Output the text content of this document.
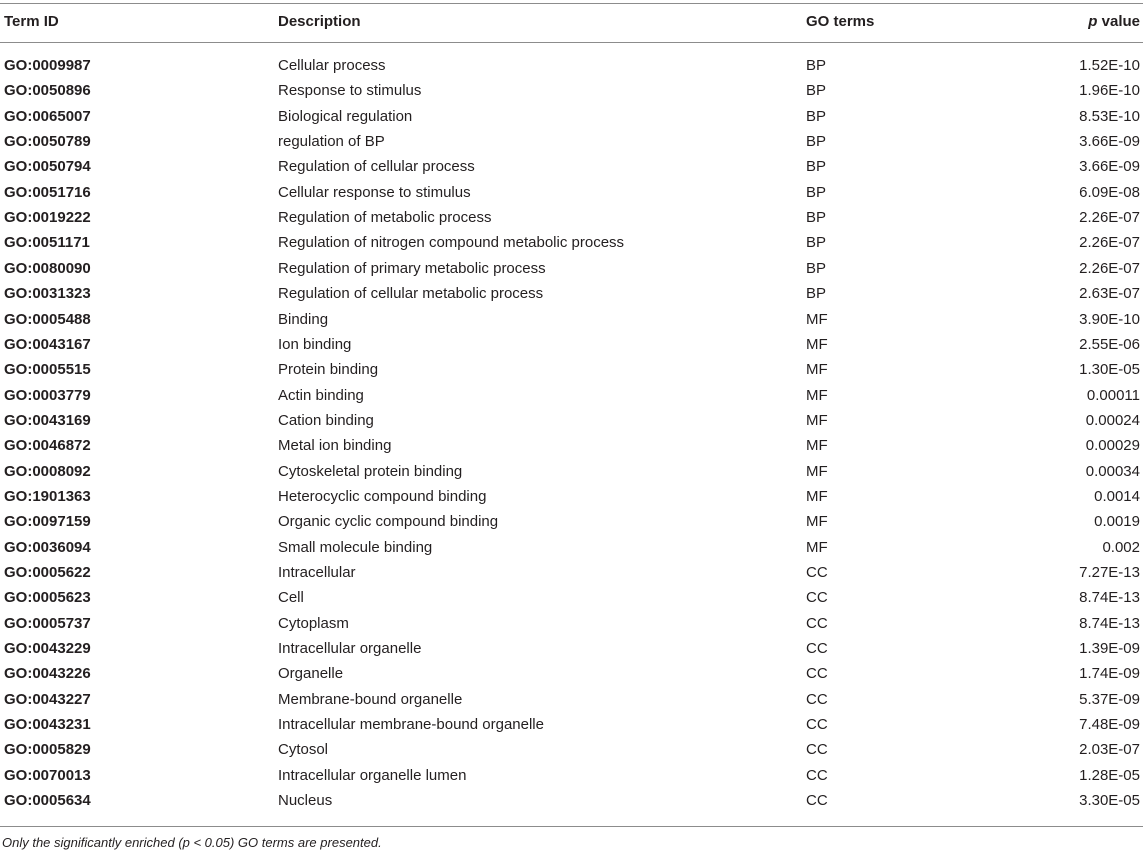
Term ID	Description	GO terms	p value
GO:0009987	Cellular process	BP	1.52E-10
GO:0050896	Response to stimulus	BP	1.96E-10
GO:0065007	Biological regulation	BP	8.53E-10
GO:0050789	regulation of BP	BP	3.66E-09
GO:0050794	Regulation of cellular process	BP	3.66E-09
GO:0051716	Cellular response to stimulus	BP	6.09E-08
GO:0019222	Regulation of metabolic process	BP	2.26E-07
GO:0051171	Regulation of nitrogen compound metabolic process	BP	2.26E-07
GO:0080090	Regulation of primary metabolic process	BP	2.26E-07
GO:0031323	Regulation of cellular metabolic process	BP	2.63E-07
GO:0005488	Binding	MF	3.90E-10
GO:0043167	Ion binding	MF	2.55E-06
GO:0005515	Protein binding	MF	1.30E-05
GO:0003779	Actin binding	MF	0.00011
GO:0043169	Cation binding	MF	0.00024
GO:0046872	Metal ion binding	MF	0.00029
GO:0008092	Cytoskeletal protein binding	MF	0.00034
GO:1901363	Heterocyclic compound binding	MF	0.0014
GO:0097159	Organic cyclic compound binding	MF	0.0019
GO:0036094	Small molecule binding	MF	0.002
GO:0005622	Intracellular	CC	7.27E-13
GO:0005623	Cell	CC	8.74E-13
GO:0005737	Cytoplasm	CC	8.74E-13
GO:0043229	Intracellular organelle	CC	1.39E-09
GO:0043226	Organelle	CC	1.74E-09
GO:0043227	Membrane-bound organelle	CC	5.37E-09
GO:0043231	Intracellular membrane-bound organelle	CC	7.48E-09
GO:0005829	Cytosol	CC	2.03E-07
GO:0070013	Intracellular organelle lumen	CC	1.28E-05
GO:0005634	Nucleus	CC	3.30E-05
Only the significantly enriched (p < 0.05) GO terms are presented.
